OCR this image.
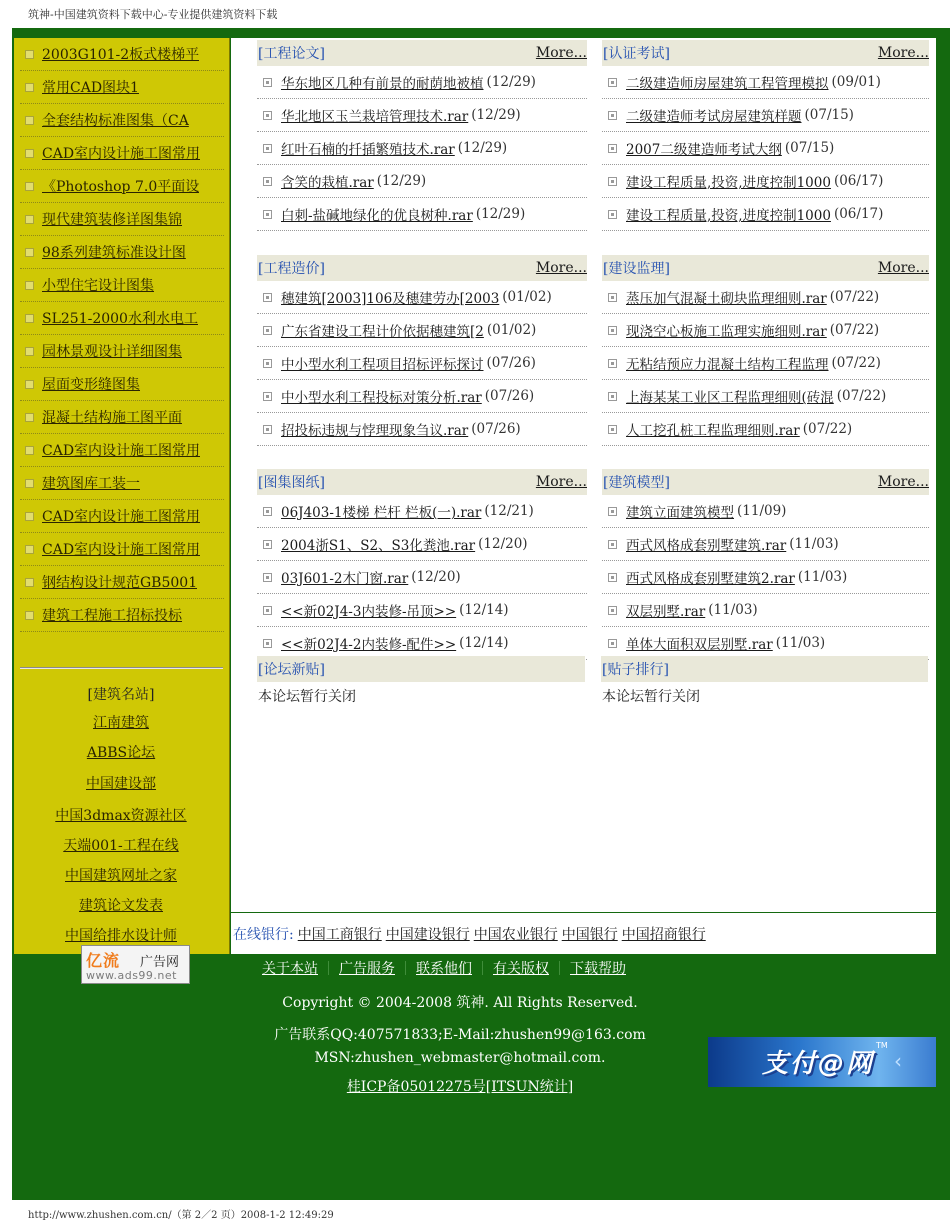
筑神-中国建筑资料下载中心-专业提供建筑资料下载
2003G101-2板式楼梯平
常用CAD图块1
全套结构标准图集（CA
CAD室内设计施工图常用
《Photoshop 7.0平面设
现代建筑装修详图集锦
98系列建筑标准设计图
小型住宅设计图集
SL251-2000水利水电工
园林景观设计详细图集
屋面变形缝图集
混凝土结构施工图平面
CAD室内设计施工图常用
建筑图库工装一
CAD室内设计施工图常用
CAD室内设计施工图常用
钢结构设计规范GB5001
建筑工程施工招标投标
[建筑名站]
江南建筑
ABBS论坛
中国建设部
中国3dmax资源社区
天端001-工程在线
中国建筑网址之家
建筑论文发表
中国给排水设计师
亿流 广告网
www.ads99.net
[工程论文]	More...
华东地区几种有前景的耐荫地被植 (12/29)
华北地区玉兰栽培管理技术.rar (12/29)
红叶石楠的扦插繁殖技术.rar (12/29)
含笑的栽植.rar (12/29)
白刺-盐碱地绿化的优良树种.rar (12/29)
[认证考试]	More...
二级建造师房屋建筑工程管理模拟 (09/01)
二级建造师考试房屋建筑样题 (07/15)
2007二级建造师考试大纲 (07/15)
建设工程质量,投资,进度控制1000 (06/17)
建设工程质量,投资,进度控制1000 (06/17)
[工程造价]	More...
穗建筑[2003]106及穗建劳办[2003 (01/02)
广东省建设工程计价依据穗建筑[2 (01/02)
中小型水利工程项目招标评标探讨 (07/26)
中小型水利工程投标对策分析.rar (07/26)
招投标违规与悖理现象刍议.rar (07/26)
[建设监理]	More...
蒸压加气混凝土砌块监理细则.rar (07/22)
现浇空心板施工监理实施细则.rar (07/22)
无粘结预应力混凝土结构工程监理 (07/22)
上海某某工业区工程监理细则(砖混 (07/22)
人工挖孔桩工程监理细则.rar (07/22)
[图集图纸]	More...
06J403-1楼梯 栏杆 栏板(一).rar (12/21)
2004浙S1、S2、S3化粪池.rar (12/20)
03J601-2木门窗.rar (12/20)
<<新02J4-3内装修-吊顶>> (12/14)
<<新02J4-2内装修-配件>> (12/14)
[建筑模型]	More...
建筑立面建筑模型 (11/09)
西式风格成套别墅建筑.rar (11/03)
西式风格成套别墅建筑2.rar (11/03)
双层别墅.rar (11/03)
单体大面积双层别墅.rar (11/03)
[论坛新贴]
本论坛暂行关闭
[贴子排行]
本论坛暂行关闭
在线银行: 中国工商银行 中国建设银行 中国农业银行 中国银行 中国招商银行
关于本站 广告服务 联系他们 有关版权 下载帮助
Copyright © 2004-2008 筑神. All Rights Reserved.
广告联系QQ:407571833;E-Mail:zhushen99@163.com
MSN:zhushen_webmaster@hotmail.com.
桂ICP备05012275号[ITSUN统计]
支付@网
TM
‹
http://www.zhushen.com.cn/（第 2／2 页）2008-1-2 12:49:29
